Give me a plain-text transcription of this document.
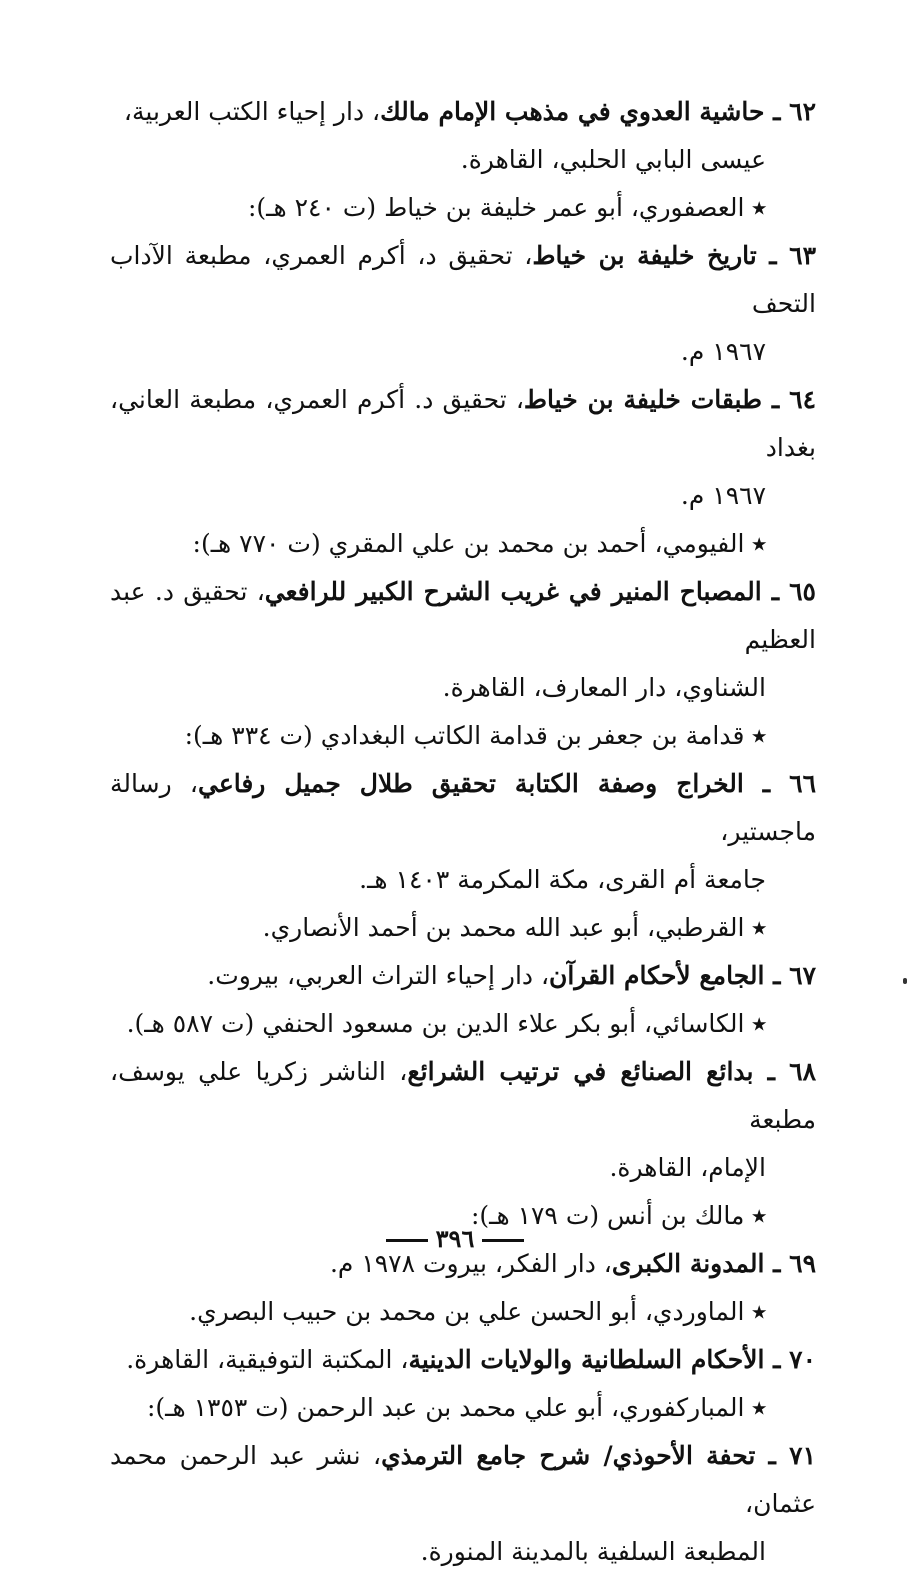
٦٢ ـ حاشية العدوي في مذهب الإمام مالك، دار إحياء الكتب العربية،
عيسى البابي الحلبي، القاهرة.
٭ العصفوري، أبو عمر خليفة بن خياط (ت ٢٤٠ هـ):
٦٣ ـ تاريخ خليفة بن خياط، تحقيق د، أكرم العمري، مطبعة الآداب التحف
١٩٦٧ م.
٦٤ ـ طبقات خليفة بن خياط، تحقيق د. أكرم العمري، مطبعة العاني، بغداد
١٩٦٧ م.
٭ الفيومي، أحمد بن محمد بن علي المقري (ت ٧٧٠ هـ):
٦٥ ـ المصباح المنير في غريب الشرح الكبير للرافعي، تحقيق د. عبد العظيم
الشناوي، دار المعارف، القاهرة.
٭ قدامة بن جعفر بن قدامة الكاتب البغدادي (ت ٣٣٤ هـ):
٦٦ ـ الخراج وصفة الكتابة تحقيق طلال جميل رفاعي، رسالة ماجستير،
جامعة أم القرى، مكة المكرمة ١٤٠٣ هـ.
٭ القرطبي، أبو عبد الله محمد بن أحمد الأنصاري.
٦٧ ـ الجامع لأحكام القرآن، دار إحياء التراث العربي، بيروت.
٭ الكاسائي، أبو بكر علاء الدين بن مسعود الحنفي (ت ٥٨٧ هـ).
٦٨ ـ بدائع الصنائع في ترتيب الشرائع، الناشر زكريا علي يوسف، مطبعة
الإمام، القاهرة.
٭ مالك بن أنس (ت ١٧٩ هـ):
٦٩ ـ المدونة الكبرى، دار الفكر، بيروت ١٩٧٨ م.
٭ الماوردي، أبو الحسن علي بن محمد بن حبيب البصري.
٧٠ ـ الأحكام السلطانية والولايات الدينية، المكتبة التوفيقية، القاهرة.
٭ المباركفوري، أبو علي محمد بن عبد الرحمن (ت ١٣٥٣ هـ):
٧١ ـ تحفة الأحوذي/ شرح جامع الترمذي، نشر عبد الرحمن محمد عثمان،
المطبعة السلفية بالمدينة المنورة.
٣٩٦
